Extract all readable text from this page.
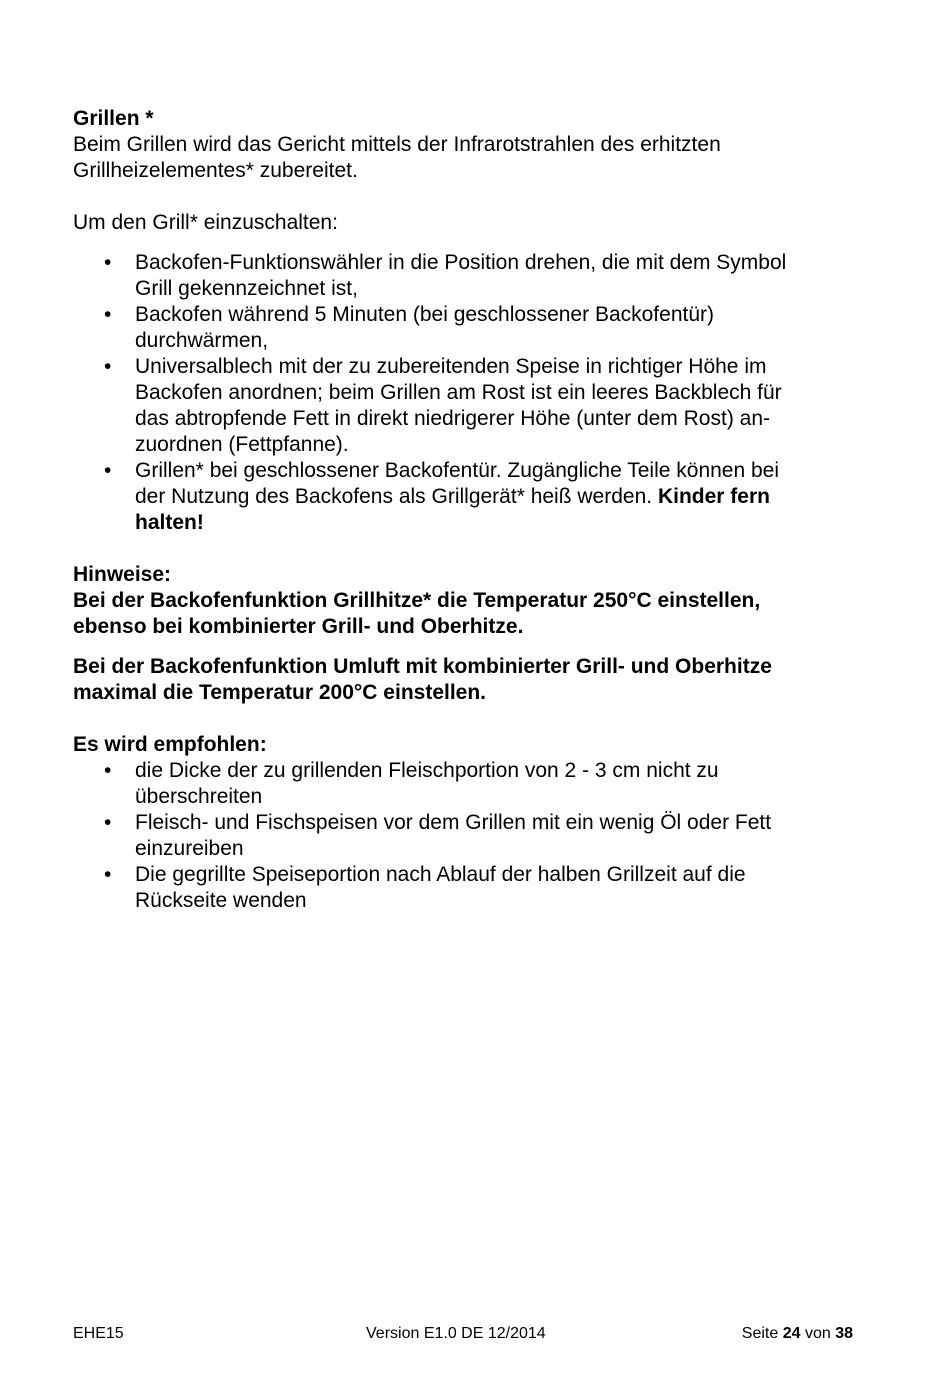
Grillen *

Beim Grillen wird das Gericht mittels der Infrarotstrahlen des erhitzten

Grillheizelementes* zubereitet.

Um den Grill* einzuschalten:

• Backofen-Funktionswähler in die Position drehen, die mit dem Symbol
Grill gekennzeichnet ist,
• Backofen während 5 Minuten (bei geschlossener Backofentür)
durchwärmen,
• Universalblech mit der zu zubereitenden Speise in richtiger Höhe im
Backofen anordnen; beim Grillen am Rost ist ein leeres Backblech für
das abtropfende Fett in direkt niedrigerer Höhe (unter dem Rost) an-
zuordnen (Fettpfanne).
• Grillen* bei geschlossener Backofentür. Zugängliche Teile können bei
der Nutzung des Backofens als Grillgerät* heiß werden. Kinder fern
halten!

Hinweise:

Bei der Backofenfunktion Grillhitze* die Temperatur 250°C einstellen,

ebenso bei kombinierter Grill- und Oberhitze.

Bei der Backofenfunktion Umluft mit kombinierter Grill- und Oberhitze

maximal die Temperatur 200°C einstellen.

Es wird empfohlen:

• die Dicke der zu grillenden Fleischportion von 2 - 3 cm nicht zu
überschreiten
• Fleisch- und Fischspeisen vor dem Grillen mit ein wenig Öl oder Fett
einzureiben
• Die gegrillte Speiseportion nach Ablauf der halben Grillzeit auf die
Rückseite wenden
EHE15	Version E1.0 DE 12/2014	Seite 24 von 38
